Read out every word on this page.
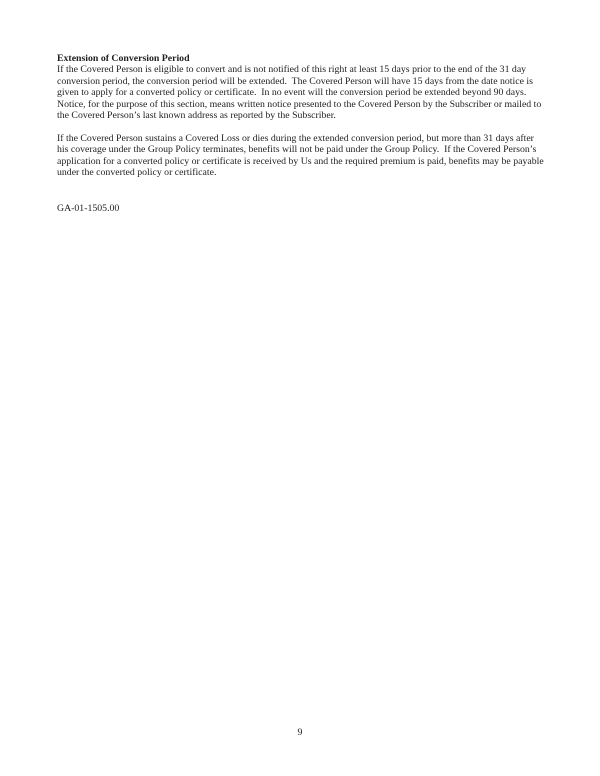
Extension of Conversion Period

If the Covered Person is eligible to convert and is not notified of this right at least 15 days prior to the end of the 31 day conversion period, the conversion period will be extended.  The Covered Person will have 15 days from the date notice is given to apply for a converted policy or certificate.  In no event will the conversion period be extended beyond 90 days.  Notice, for the purpose of this section, means written notice presented to the Covered Person by the Subscriber or mailed to the Covered Person’s last known address as reported by the Subscriber.

If the Covered Person sustains a Covered Loss or dies during the extended conversion period, but more than 31 days after his coverage under the Group Policy terminates, benefits will not be paid under the Group Policy.  If the Covered Person’s application for a converted policy or certificate is received by Us and the required premium is paid, benefits may be payable under the converted policy or certificate.

GA-01-1505.00
9
